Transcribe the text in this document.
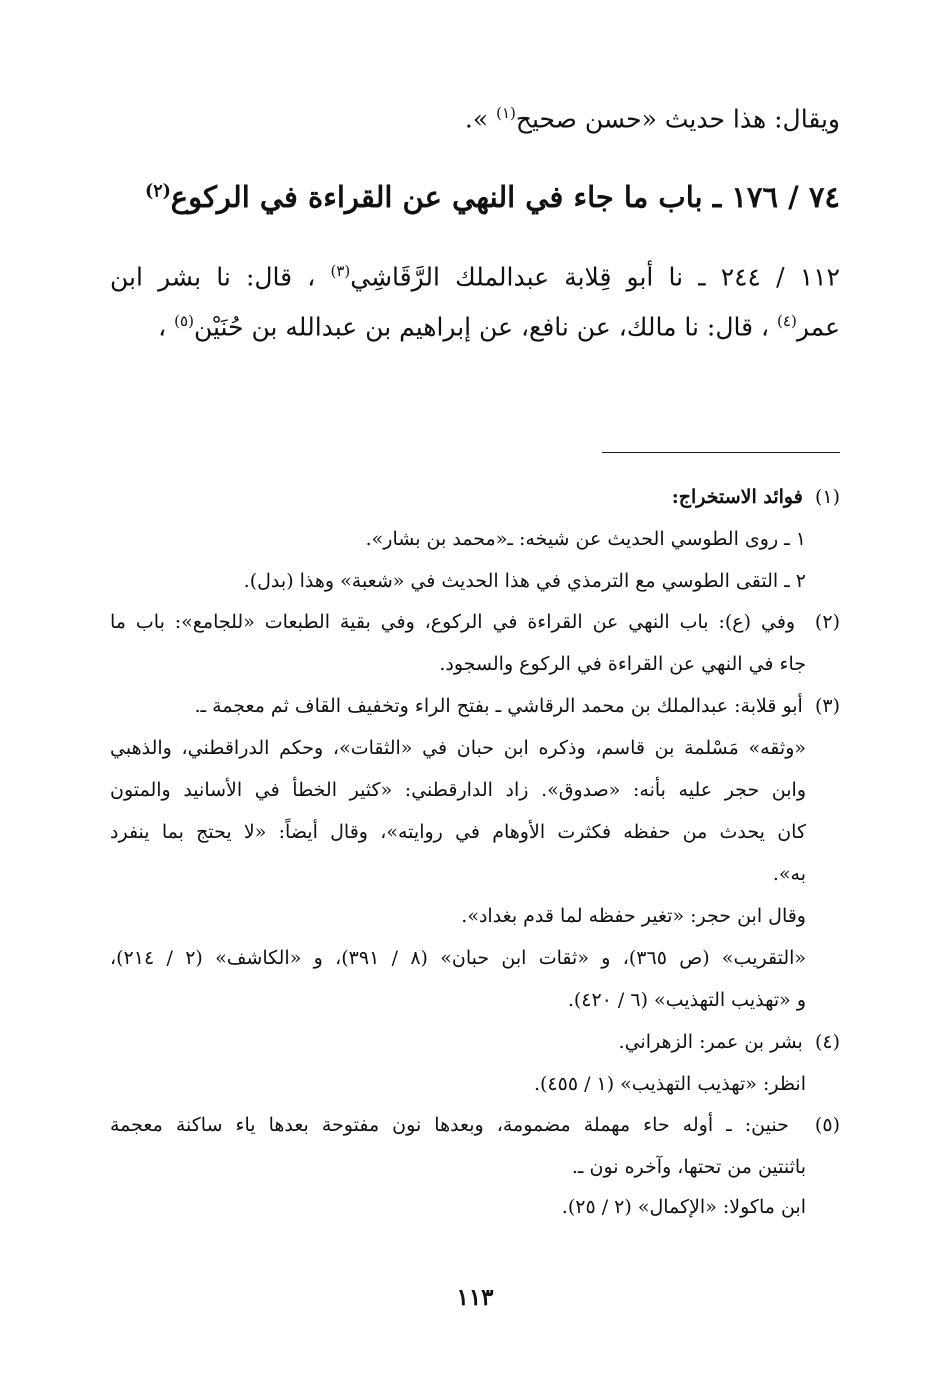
ويقال: هذا حديث «حسن صحيح$^{(١)}$ ».
٧٤ / ١٧٦ ـ باب ما جاء في النهي عن القراءة في الركوع$^{(٢)}$
١١٢ / ٢٤٤ ـ نا أبو قِلابة عبدالملك الرَّقَاشِي$^{(٣)}$ ، قال: نا بشر ابن
عمر$^{(٤)}$ ، قال: نا مالك، عن نافع، عن إبراهيم بن عبدالله بن حُنَيْن$^{(٥)}$ ،
(١)  فوائد الاستخراج:
١ ـ روى الطوسي الحديث عن شيخه: ـ«محمد بن بشار».
٢ ـ التقى الطوسي مع الترمذي في هذا الحديث في «شعبة» وهذا (بدل).
(٢)  وفي (ع): باب النهي عن القراءة في الركوع، وفي بقية الطبعات «للجامع»: باب ما
جاء في النهي عن القراءة في الركوع والسجود.
(٣)  أبو قلابة: عبدالملك بن محمد الرقاشي ـ بفتح الراء وتخفيف القاف ثم معجمة ـ.
«وثقه» مَسْلمة بن قاسم، وذكره ابن حبان في «الثقات»، وحكم الدراقطني، والذهبي
وابن حجر عليه بأنه: «صدوق». زاد الدارقطني: «كثير الخطأ في الأسانيد والمتون
كان يحدث من حفظه فكثرت الأوهام في روايته»، وقال أيضاً: «لا يحتج بما ينفرد
به».
وقال ابن حجر: «تغير حفظه لما قدم بغداد».
«التقريب» (ص ٣٦٥)، و «ثقات ابن حبان» (٨ / ٣٩١)، و «الكاشف» (٢ / ٢١٤)،
و «تهذيب التهذيب» (٦ / ٤٢٠).
(٤)  بشر بن عمر: الزهراني.
انظر: «تهذيب التهذيب» (١ / ٤٥٥).
(٥)  حنين: ـ أوله حاء مهملة مضمومة، وبعدها نون مفتوحة بعدها ياء ساكنة معجمة
باثنتين من تحتها، وآخره نون ـ.
ابن ماكولا: «الإكمال» (٢ / ٢٥).
١١٣
